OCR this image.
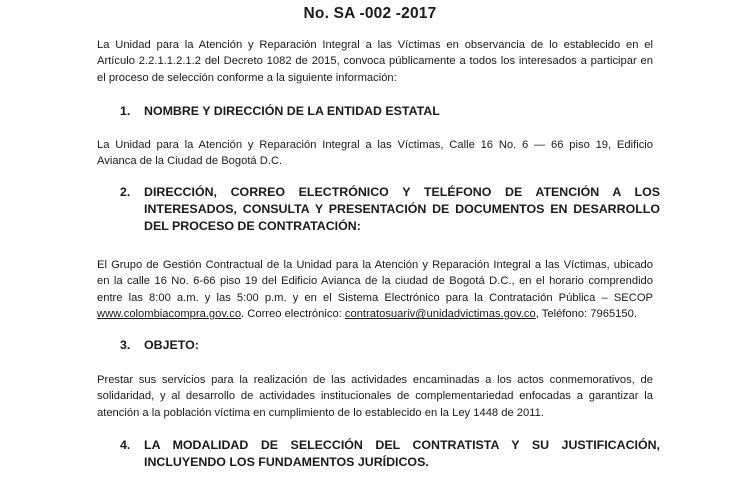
No. SA -002 -2017
La Unidad para la Atención y Reparación Integral a las Víctimas en observancia de lo establecido en el
Artículo 2.2.1.1.2.1.2 del Decreto 1082 de 2015, convoca públicamente a todos los interesados a participar en
el proceso de selección conforme a la siguiente información:
1. NOMBRE Y DIRECCIÓN DE LA ENTIDAD ESTATAL
La Unidad para la Atención y Reparación Integral a las Víctimas, Calle 16 No. 6 — 66 piso 19, Edificio
Avianca de la Ciudad de Bogotá D.C.
2. DIRECCIÓN, CORREO ELECTRÓNICO Y TELÉFONO DE ATENCIÓN A LOS
INTERESADOS, CONSULTA Y PRESENTACIÓN DE DOCUMENTOS EN DESARROLLO
DEL PROCESO DE CONTRATACIÓN:
El Grupo de Gestión Contractual de la Unidad para la Atención y Reparación Integral a las Víctimas, ubicado
en la calle 16 No. 6-66 piso 19 del Edificio Avianca de la ciudad de Bogotá D.C., en el horario comprendido
entre las 8:00 a.m. y las 5:00 p.m. y en el Sistema Electrónico para la Contratación Pública – SECOP
www.colombiacompra.gov.co. Correo electrónico: contratosuariv@unidadvictimas.gov.co, Teléfono: 7965150.
3. OBJETO:
Prestar sus servicios para la realización de las actividades encaminadas a los actos conmemorativos, de
solidaridad, y al desarrollo de actividades institucionales de complementariedad enfocadas a garantizar la
atención a la población víctima en cumplimiento de lo establecido en la Ley 1448 de 2011.
4. LA MODALIDAD DE SELECCIÓN DEL CONTRATISTA Y SU JUSTIFICACIÓN,
INCLUYENDO LOS FUNDAMENTOS JURÍDICOS.
